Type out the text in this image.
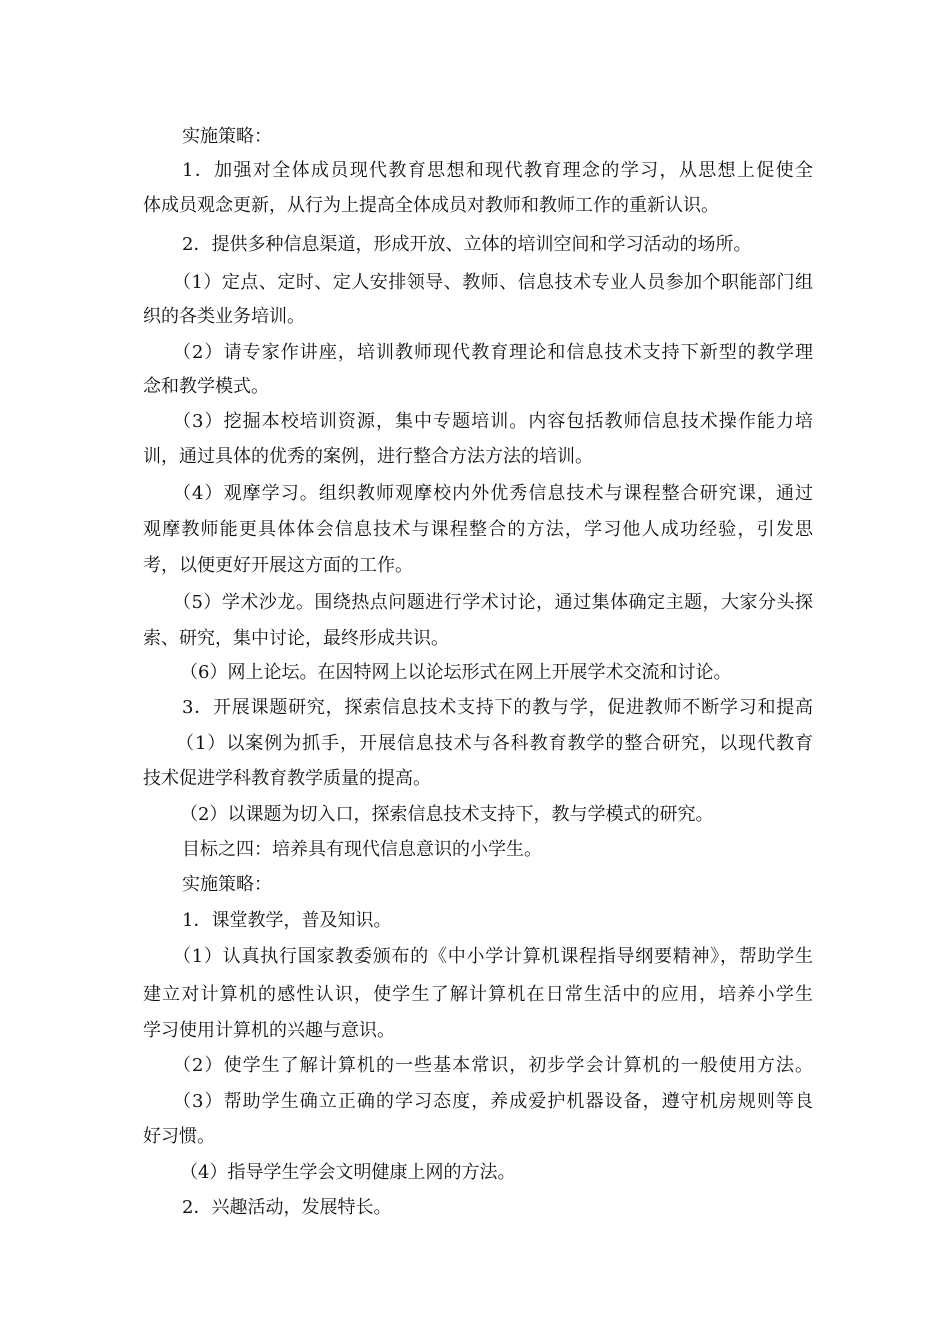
实施策略：
1．加强对全体成员现代教育思想和现代教育理念的学习，从思想上促使全
体成员观念更新，从行为上提高全体成员对教师和教师工作的重新认识。
2．提供多种信息渠道，形成开放、立体的培训空间和学习活动的场所。
（1）定点、定时、定人安排领导、教师、信息技术专业人员参加个职能部门组
织的各类业务培训。
（2）请专家作讲座，培训教师现代教育理论和信息技术支持下新型的教学理
念和教学模式。
（3）挖掘本校培训资源，集中专题培训。内容包括教师信息技术操作能力培
训，通过具体的优秀的案例，进行整合方法方法的培训。
（4）观摩学习。组织教师观摩校内外优秀信息技术与课程整合研究课，通过
观摩教师能更具体体会信息技术与课程整合的方法，学习他人成功经验，引发思
考，以便更好开展这方面的工作。
（5）学术沙龙。围绕热点问题进行学术讨论，通过集体确定主题，大家分头探
索、研究，集中讨论，最终形成共识。
（6）网上论坛。在因特网上以论坛形式在网上开展学术交流和讨论。
3．开展课题研究，探索信息技术支持下的教与学，促进教师不断学习和提高
（1）以案例为抓手，开展信息技术与各科教育教学的整合研究，以现代教育
技术促进学科教育教学质量的提高。
（2）以课题为切入口，探索信息技术支持下，教与学模式的研究。
目标之四：培养具有现代信息意识的小学生。
实施策略：
1．课堂教学，普及知识。
（1）认真执行国家教委颁布的《中小学计算机课程指导纲要精神》，帮助学生
建立对计算机的感性认识，使学生了解计算机在日常生活中的应用，培养小学生
学习使用计算机的兴趣与意识。
（2）使学生了解计算机的一些基本常识，初步学会计算机的一般使用方法。
（3）帮助学生确立正确的学习态度，养成爱护机器设备，遵守机房规则等良
好习惯。
（4）指导学生学会文明健康上网的方法。
2．兴趣活动，发展特长。
